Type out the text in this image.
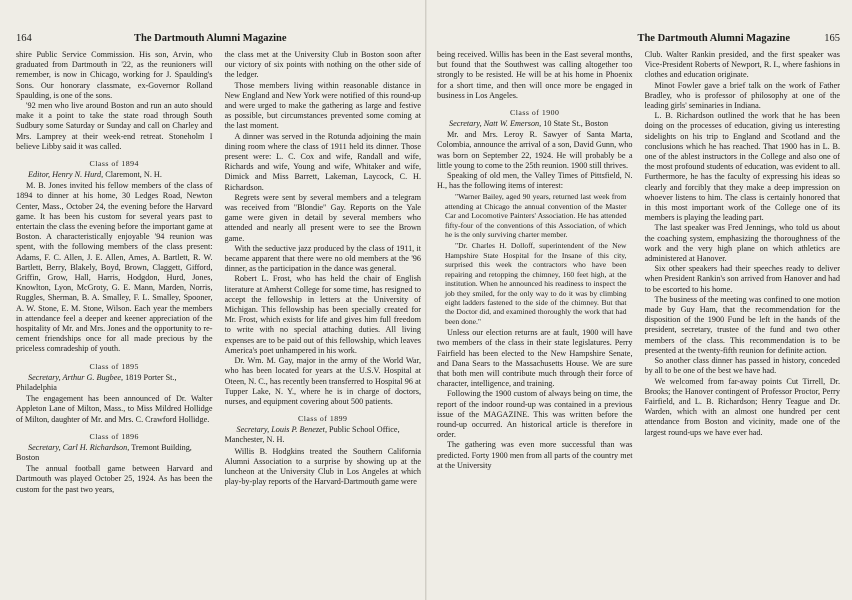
164	The Dartmouth Alumni Magazine

shire Public Service Commission. His son, Arvin, who graduated from Dartmouth in '22, as the reunioners will remember, is now in Chicago, working for J. Spaulding's Sons. Our honorary classmate, ex-Governor Rolland Spaulding, is one of the sons.

'92 men who live around Boston and run an auto should make it a point to take the state road through South Sudbury some Saturday or Sunday and call on Charley and Mrs. Lamprey at their week-end retreat. Stoneholm I believe Libby said it was called.

Class of 1894

Editor, Henry N. Hurd, Claremont, N. H.

M. B. Jones invited his fellow members of the class of 1894 to dinner at his home, 30 Ledges Road, Newton Center, Mass., October 24, the evening before the Harvard game. It has been his custom for several years past to entertain the class the evening before the important game at Boston. A characteristically enjoyable '94 reunion was spent, with the following members of the class present: Adams, F. C. Allen, J. E. Allen, Ames, A. Bartlett, R. W. Bartlett, Berry, Blakely, Boyd, Brown, Claggett, Gifford, Griffin, Grow, Hall, Harris, Hodgdon, Hurd, Jones, Knowlton, Lyon, McGroty, G. E. Mann, Marden, Norris, Ruggles, Sherman, B. A. Smalley, F. L. Smalley, Spooner, A. W. Stone, E. M. Stone, Wilson. Each year the members in attendance feel a deeper and keener appreciation of the hospitality of Mr. and Mrs. Jones and the opportunity to re-cement friendships once for all made precious by the priceless comradeship of youth.

Class of 1895

Secretary, Arthur G. Bugbee, 1819 Porter St., Philadelphia

The engagement has been announced of Dr. Walter Appleton Lane of Milton, Mass., to Miss Mildred Hollidge of Milton, daughter of Mr. and Mrs. C. Crawford Hollidge.

Class of 1896

Secretary, Carl H. Richardson, Tremont Building, Boston

The annual football game between Harvard and Dartmouth was played October 25, 1924. As has been the custom for the past two years,

the class met at the University Club in Boston soon after our victory of six points with nothing on the other side of the ledger.

Those members living within reasonable distance in New England and New York were notified of this round-up and were urged to make the gathering as large and festive as possible, but circumstances prevented some coming at the last moment.

A dinner was served in the Rotunda adjoining the main dining room where the class of 1911 held its dinner. Those present were: L. C. Cox and wife, Randall and wife, Richards and wife, Young and wife, Whitaker and wife, Dimick and Miss Barrett, Lakeman, Laycock, C. H. Richardson.

Regrets were sent by several members and a telegram was received from "Blondie" Gay. Reports on the Yale game were given in detail by several members who attended and nearly all present were to see the Brown game.

With the seductive jazz produced by the class of 1911, it became apparent that there were no old members at the '96 dinner, as the participation in the dance was general.

Robert L. Frost, who has held the chair of English literature at Amherst College for some time, has resigned to accept the fellowship in letters at the University of Michigan. This fellowship has been specially created for Mr. Frost, which exists for life and gives him full freedom to write with no special attaching duties. All living expenses are to be paid out of this fellowship, which leaves America's poet unhampered in his work.

Dr. Wm. M. Gay, major in the army of the World War, who has been located for years at the U.S.V. Hospital at Oteen, N. C., has recently been transferred to Hospital 96 at Tupper Lake, N. Y., where he is in charge of doctors, nurses, and equipment covering about 500 patients.

Class of 1899

Secretary, Louis P. Benezet, Public School Office, Manchester, N. H.

Willis B. Hodgkins treated the Southern California Alumni Association to a surprise by showing up at the luncheon at the University Club in Los Angeles at which play-by-play reports of the Harvard-Dartmouth game were

The Dartmouth Alumni Magazine	165

being received. Willis has been in the East several months, but found that the Southwest was calling altogether too strongly to be resisted. He will be at his home in Phoenix for a short time, and then will once more be engaged in business in Los Angeles.

Class of 1900

Secretary, Natt W. Emerson, 10 State St., Boston

Mr. and Mrs. Leroy R. Sawyer of Santa Marta, Colombia, announce the arrival of a son, David Gunn, who was born on September 22, 1924. He will probably be a little young to come to the 25th reunion. 1900 still thrives.

Speaking of old men, the Valley Times of Pittsfield, N. H., has the following items of interest:

"Warner Bailey, aged 90 years, returned last week from attending at Chicago the annual convention of the Master Car and Locomotive Painters' Association. He has attended fifty-four of the conventions of this Association, of which he is the only surviving charter member.

"Dr. Charles H. Dolloff, superintendent of the New Hampshire State Hospital for the Insane of this city, surprised this week the contractors who have been repairing and retopping the chimney, 160 feet high, at the institution. When he announced his readiness to inspect the job they smiled, for the only way to do it was by climbing eight ladders fastened to the side of the chimney. But that the Doctor did, and examined thoroughly the work that had been done."

Unless our election returns are at fault, 1900 will have two members of the class in their state legislatures. Perry Fairfield has been elected to the New Hampshire Senate, and Dana Sears to the Massachusetts House. We are sure that both men will contribute much through their force of character, intelligence, and training.

Following the 1900 custom of always being on time, the report of the indoor round-up was contained in a previous issue of the MAGAZINE. This was written before the round-up occurred. An historical article is therefore in order.

The gathering was even more successful than was predicted. Forty 1900 men from all parts of the country met at the University

Club. Walter Rankin presided, and the first speaker was Vice-President Roberts of Newport, R. I., where fashions in clothes and education originate.

Minot Fowler gave a brief talk on the work of Father Bradley, who is professor of philosophy at one of the leading girls' seminaries in Indiana.

L. B. Richardson outlined the work that he has been doing on the processes of education, giving us interesting sidelights on his trip to England and Scotland and the conclusions which he has reached. That 1900 has in L. B. one of the ablest instructors in the College and also one of the most profound students of education, was evident to all. Furthermore, he has the faculty of expressing his ideas so clearly and forcibly that they make a deep impression on whoever listens to him. The class is certainly honored that in this most important work of the College one of its members is playing the leading part.

The last speaker was Fred Jennings, who told us about the coaching system, emphasizing the thoroughness of the work and the very high plane on which athletics are administered at Hanover.

Six other speakers had their speeches ready to deliver when President Rankin's son arrived from Hanover and had to be escorted to his home.

The business of the meeting was confined to one motion made by Guy Ham, that the recommendation for the disposition of the 1900 Fund be left in the hands of the president, secretary, trustee of the fund and two other members of the class. This recommendation is to be presented at the twenty-fifth reunion for definite action.

So another class dinner has passed in history, conceded by all to be one of the best we have had.

We welcomed from far-away points Cut Tirrell, Dr. Brooks; the Hanover contingent of Professor Proctor, Perry Fairfield, and L. B. Richardson; Henry Teague and Dr. Warden, which with an almost one hundred per cent attendance from Boston and vicinity, made one of the largest round-ups we have ever had.
